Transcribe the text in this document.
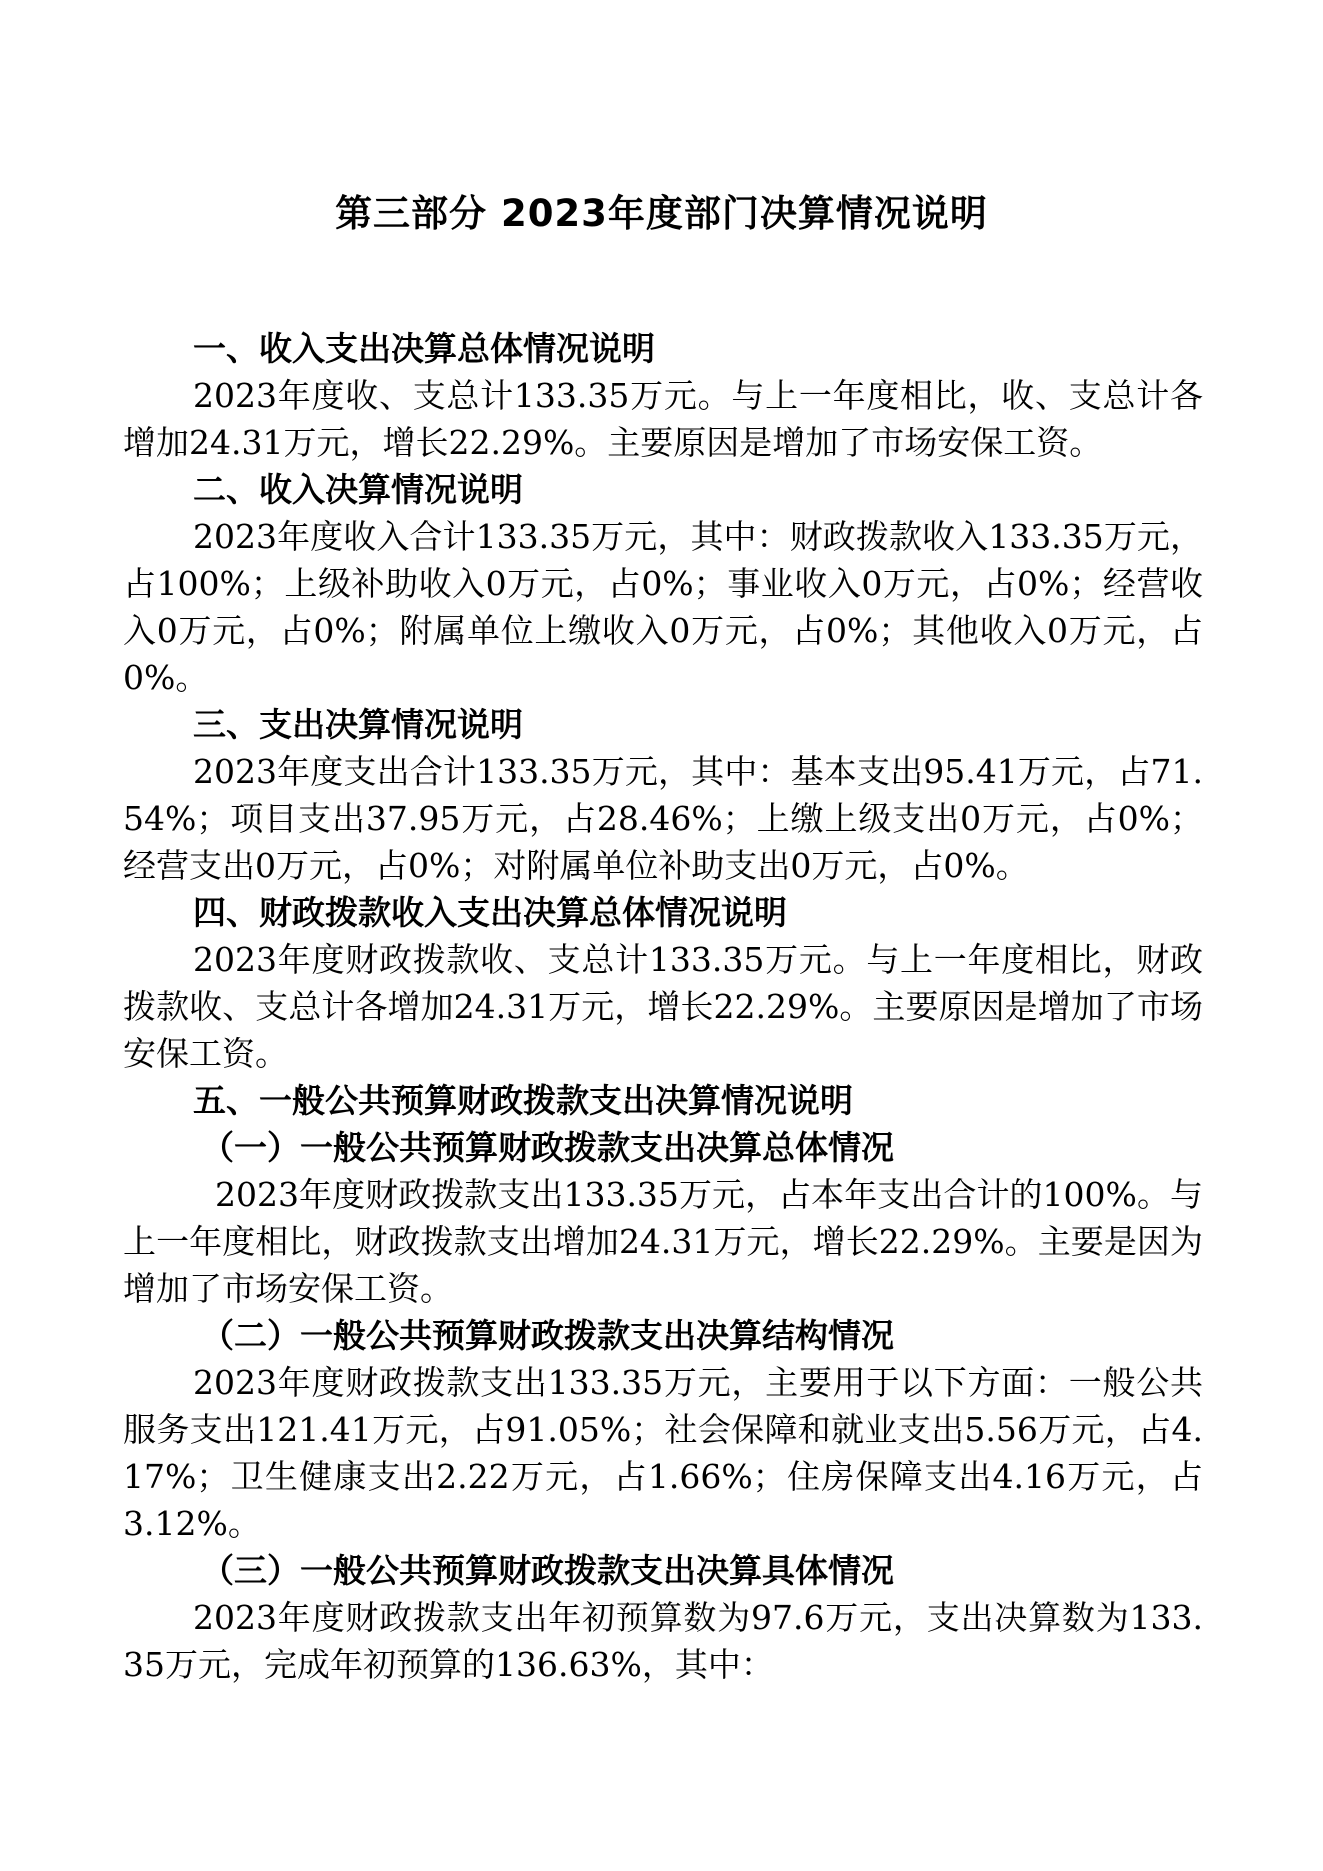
第三部分 2023年度部门决算情况说明
一、收入支出决算总体情况说明
2023年度收、支总计133.35万元。与上一年度相比，收、支总计各增加24.31万元，增长22.29%。主要原因是增加了市场安保工资。
二、收入决算情况说明
2023年度收入合计133.35万元，其中：财政拨款收入133.35万元，占100%；上级补助收入0万元，占0%；事业收入0万元，占0%；经营收入0万元，占0%；附属单位上缴收入0万元，占0%；其他收入0万元，占0%。
三、支出决算情况说明
2023年度支出合计133.35万元，其中：基本支出95.41万元，占71.54%；项目支出37.95万元，占28.46%；上缴上级支出0万元，占0%；经营支出0万元，占0%；对附属单位补助支出0万元，占0%。
四、财政拨款收入支出决算总体情况说明
2023年度财政拨款收、支总计133.35万元。与上一年度相比，财政拨款收、支总计各增加24.31万元，增长22.29%。主要原因是增加了市场安保工资。
五、一般公共预算财政拨款支出决算情况说明
（一）一般公共预算财政拨款支出决算总体情况
2023年度财政拨款支出133.35万元，占本年支出合计的100%。与上一年度相比，财政拨款支出增加24.31万元，增长22.29%。主要是因为增加了市场安保工资。
（二）一般公共预算财政拨款支出决算结构情况
2023年度财政拨款支出133.35万元，主要用于以下方面：一般公共服务支出121.41万元，占91.05%；社会保障和就业支出5.56万元，占4.17%；卫生健康支出2.22万元，占1.66%；住房保障支出4.16万元，占3.12%。
（三）一般公共预算财政拨款支出决算具体情况
2023年度财政拨款支出年初预算数为97.6万元，支出决算数为133.35万元，完成年初预算的136.63%，其中：
